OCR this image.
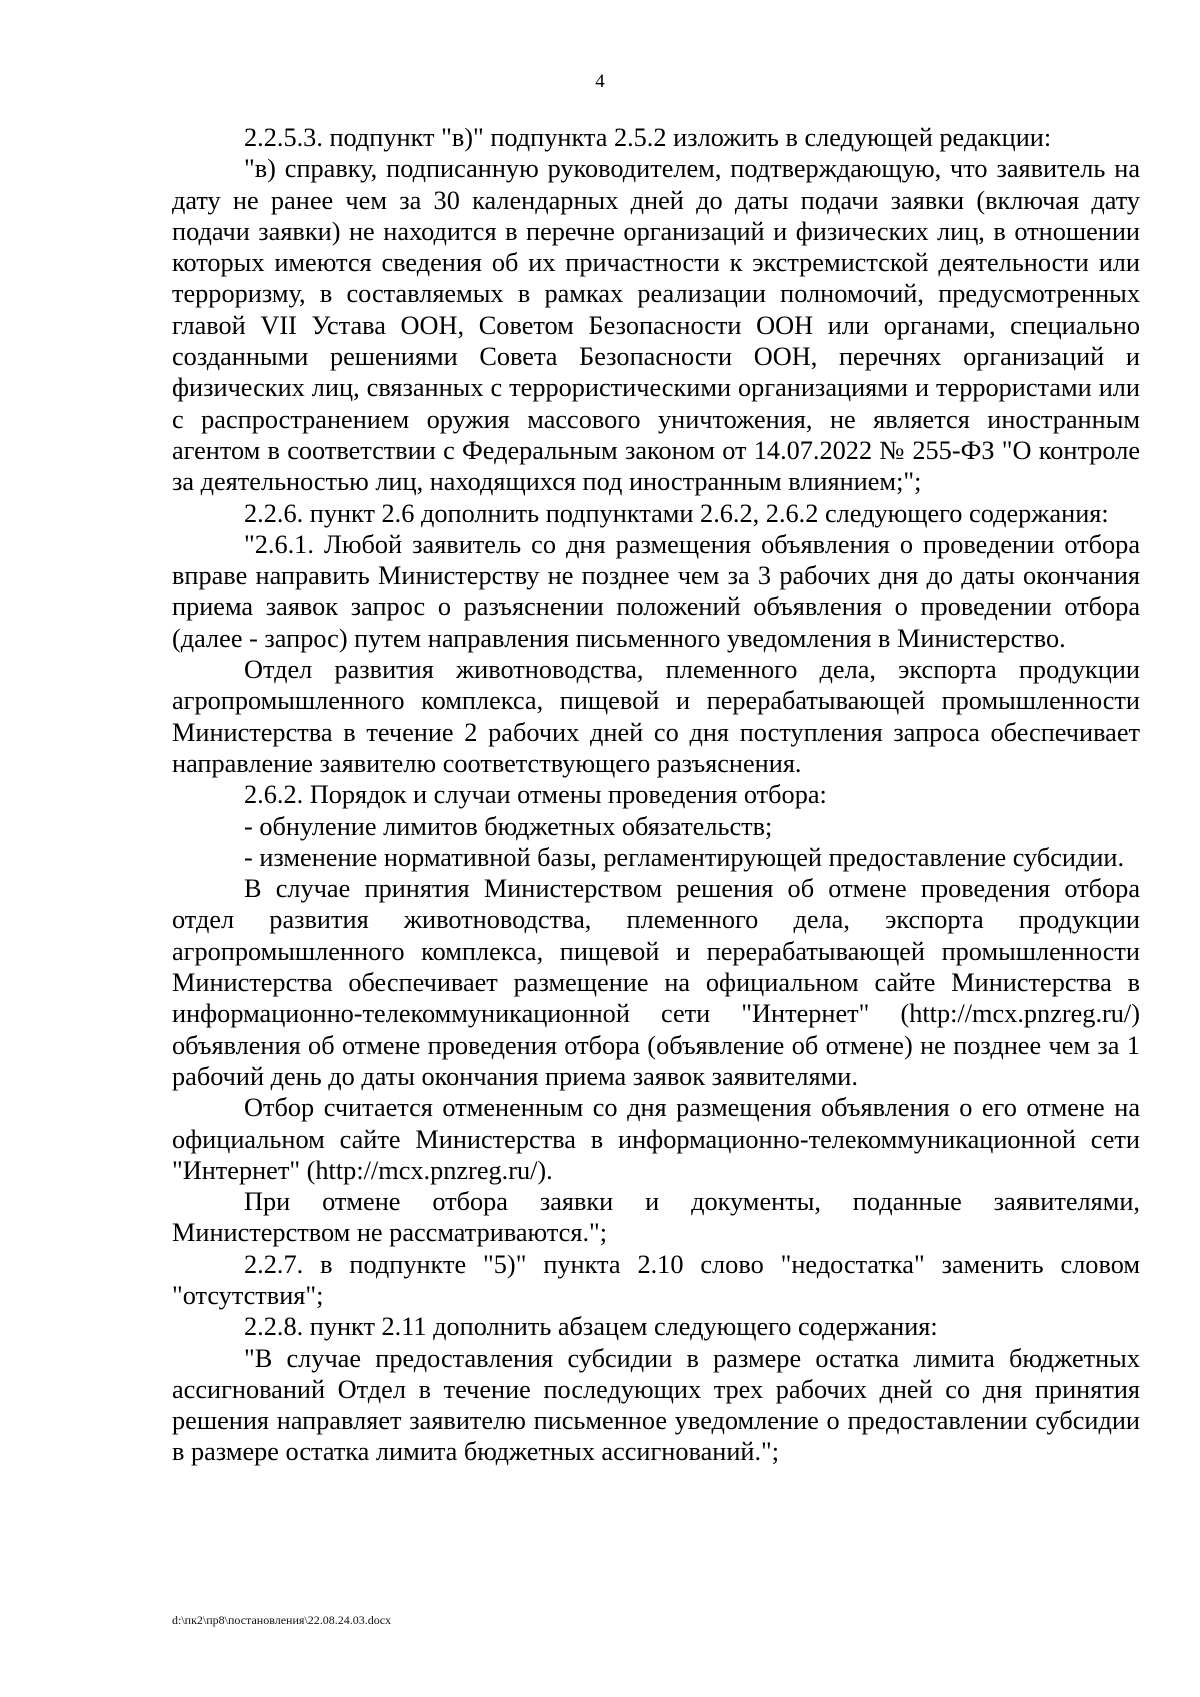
4

2.2.5.3. подпункт "в)" подпункта 2.5.2 изложить в следующей редакции:

"в) справку, подписанную руководителем, подтверждающую, что заявитель на дату не ранее чем за 30 календарных дней до даты подачи заявки (включая дату подачи заявки) не находится в перечне организаций и физических лиц, в отношении которых имеются сведения об их причастности к экстремистской деятельности или терроризму, в составляемых в рамках реализации полномочий, предусмотренных главой VII Устава ООН, Советом Безопасности ООН или органами, специально созданными решениями Совета Безопасности ООН, перечнях организаций и физических лиц, связанных с террористическими организациями и террористами или с распространением оружия массового уничтожения, не является иностранным агентом в соответствии с Федеральным законом от 14.07.2022 № 255-ФЗ "О контроле за деятельностью лиц, находящихся под иностранным влиянием;";

2.2.6. пункт 2.6 дополнить подпунктами 2.6.2, 2.6.2 следующего содержания:

"2.6.1. Любой заявитель со дня размещения объявления о проведении отбора вправе направить Министерству не позднее чем за 3 рабочих дня до даты окончания приема заявок запрос о разъяснении положений объявления о проведении отбора (далее - запрос) путем направления письменного уведомления в Министерство.

Отдел развития животноводства, племенного дела, экспорта продукции агропромышленного комплекса, пищевой и перерабатывающей промышленности Министерства в течение 2 рабочих дней со дня поступления запроса обеспечивает направление заявителю соответствующего разъяснения.

2.6.2. Порядок и случаи отмены проведения отбора:

- обнуление лимитов бюджетных обязательств;

- изменение нормативной базы, регламентирующей предоставление субсидии.

В случае принятия Министерством решения об отмене проведения отбора отдел развития животноводства, племенного дела, экспорта продукции агропромышленного комплекса, пищевой и перерабатывающей промышленности Министерства обеспечивает размещение на официальном сайте Министерства в информационно-телекоммуникационной сети "Интернет" (http://mcx.pnzreg.ru/) объявления об отмене проведения отбора (объявление об отмене) не позднее чем за 1 рабочий день до даты окончания приема заявок заявителями.

Отбор считается отмененным со дня размещения объявления о его отмене на официальном сайте Министерства в информационно-телекоммуникационной сети "Интернет" (http://mcx.pnzreg.ru/).

При отмене отбора заявки и документы, поданные заявителями, Министерством не рассматриваются.";

2.2.7. в подпункте "5)" пункта 2.10 слово "недостатка" заменить словом "отсутствия";

2.2.8. пункт 2.11 дополнить абзацем следующего содержания:

"В случае предоставления субсидии в размере остатка лимита бюджетных ассигнований Отдел в течение последующих трех рабочих дней со дня принятия решения направляет заявителю письменное уведомление о предоставлении субсидии в размере остатка лимита бюджетных ассигнований.";

d:\пк2\пр8\постановления\22.08.24.03.docx
